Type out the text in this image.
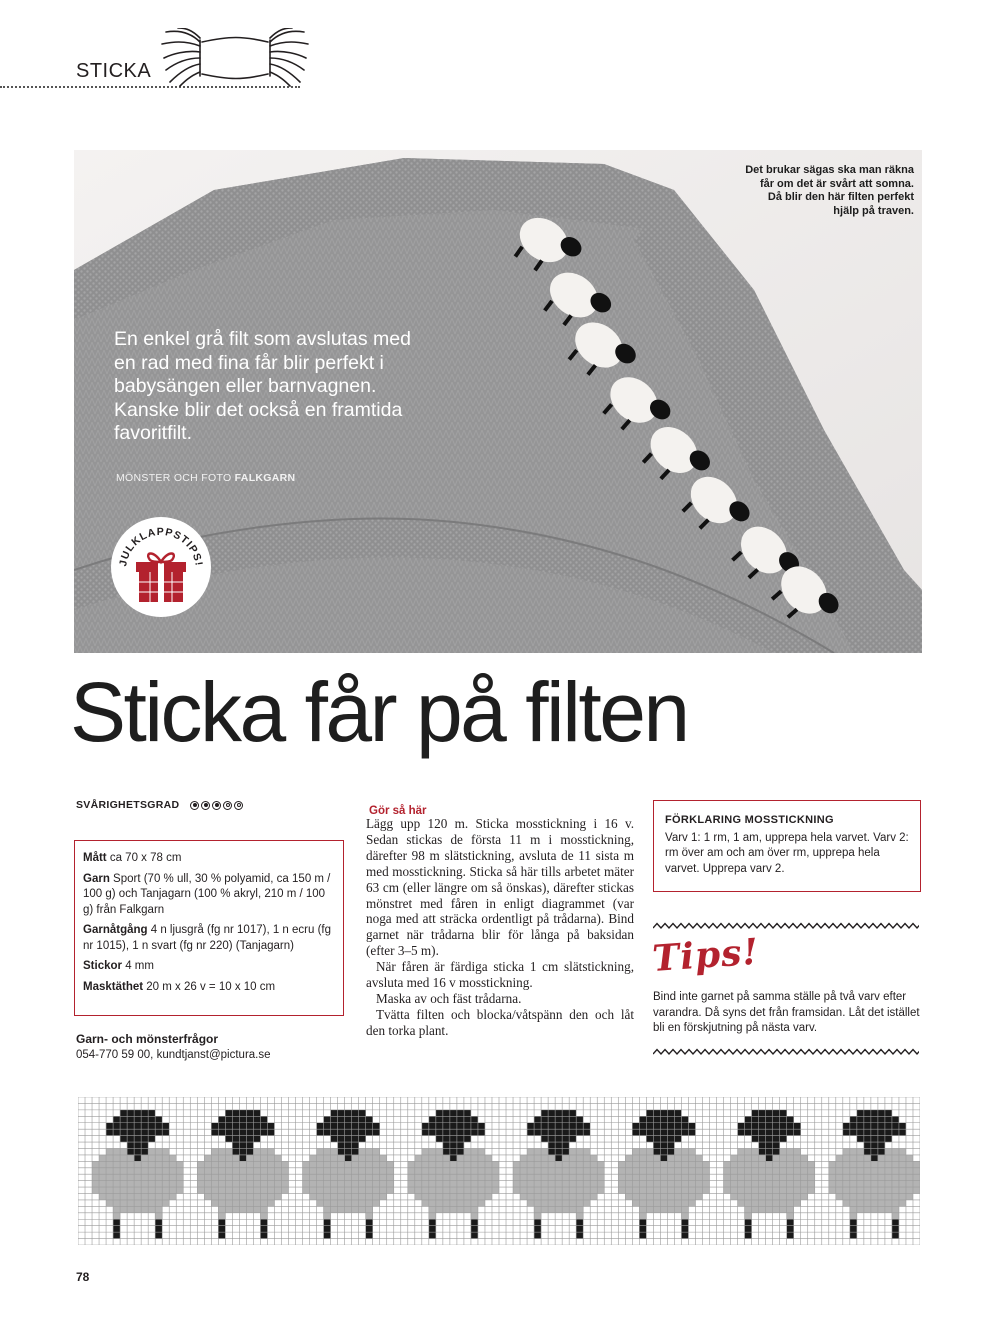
STICKA
Det brukar sägas ska man räkna får om det är svårt att somna. Då blir den här filten perfekt hjälp på traven.
En enkel grå filt som avslutas med en rad med fina får blir perfekt i babysängen eller barnvagnen. Kanske blir det också en framtida favoritfilt.
MÖNSTER OCH FOTO FALKGARN
JULKLAPPSTIPS!
Sticka får på filten
SVÅRIGHETSGRAD
Mått ca 70 x 78 cm
Garn Sport (70 % ull, 30 % polyamid, ca 150 m / 100 g) och Tanjagarn (100 % akryl, 210 m / 100 g) från Falkgarn
Garnåtgång 4 n ljusgrå (fg nr 1017), 1 n ecru (fg nr 1015), 1 n svart (fg nr 220) (Tanjagarn)
Stickor 4 mm
Masktäthet 20 m x 26 v = 10 x 10 cm
Garn- och mönsterfrågor
054-770 59 00, kundtjanst@pictura.se
Gör så här

Lägg upp 120 m. Sticka mosstickning i 16 v. Sedan stickas de första 11 m i mosstickning, därefter 98 m slätstickning, avsluta de 11 sista m med mosstickning. Sticka så här tills arbetet mäter 63 cm (eller längre om så önskas), därefter stickas mönstret med fåren in enligt diagrammet (var noga med att sträcka ordentligt på trådarna). Bind garnet när trådarna blir för långa på baksidan (efter 3–5 m).

När fåren är färdiga sticka 1 cm slätstickning, avsluta med 16 v mosstickning.

Maska av och fäst trådarna.

Tvätta filten och blocka/våtspänn den och låt den torka plant.

FÖRKLARING MOSSTICKNING
Varv 1: 1 rm, 1 am, upprepa hela varvet. Varv 2: rm över am och am över rm, upprepa hela varvet. Upprepa varv 2.
Tips!
Bind inte garnet på samma ställe på två varv efter varandra. Då syns det från framsidan. Låt det istället bli en förskjutning på nästa varv.
78
